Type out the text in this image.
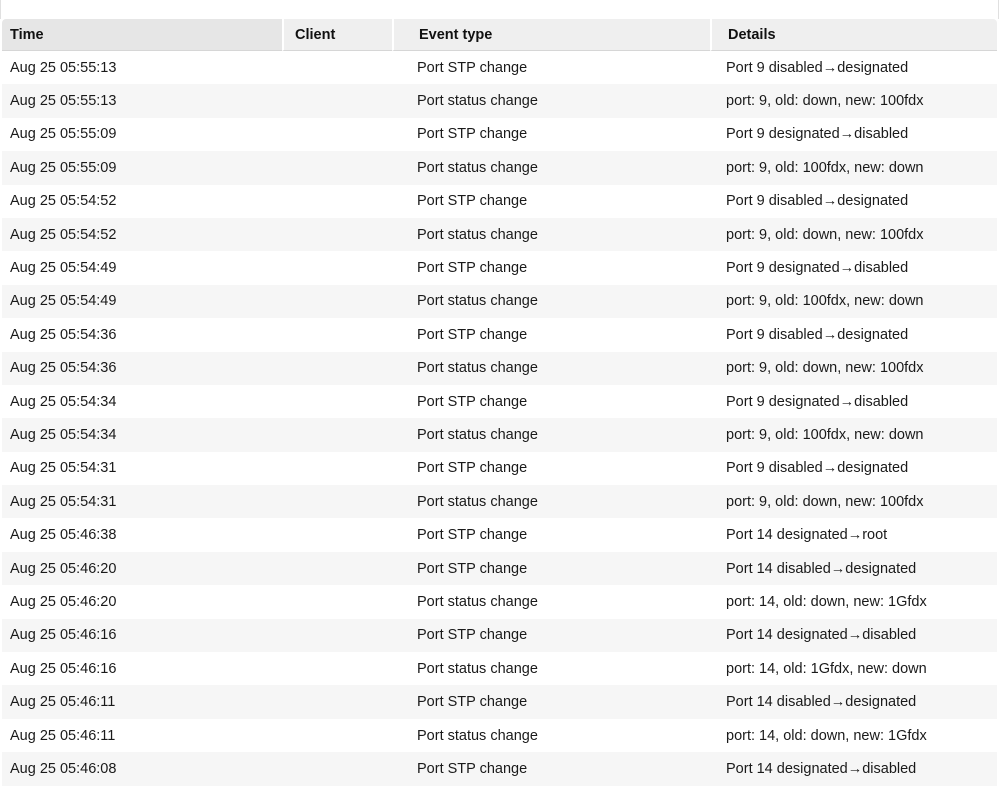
Time	Client	Event type	Details
Aug 25 05:55:13		Port STP change	Port 9 disabled→designated
Aug 25 05:55:13		Port status change	port: 9, old: down, new: 100fdx
Aug 25 05:55:09		Port STP change	Port 9 designated→disabled
Aug 25 05:55:09		Port status change	port: 9, old: 100fdx, new: down
Aug 25 05:54:52		Port STP change	Port 9 disabled→designated
Aug 25 05:54:52		Port status change	port: 9, old: down, new: 100fdx
Aug 25 05:54:49		Port STP change	Port 9 designated→disabled
Aug 25 05:54:49		Port status change	port: 9, old: 100fdx, new: down
Aug 25 05:54:36		Port STP change	Port 9 disabled→designated
Aug 25 05:54:36		Port status change	port: 9, old: down, new: 100fdx
Aug 25 05:54:34		Port STP change	Port 9 designated→disabled
Aug 25 05:54:34		Port status change	port: 9, old: 100fdx, new: down
Aug 25 05:54:31		Port STP change	Port 9 disabled→designated
Aug 25 05:54:31		Port status change	port: 9, old: down, new: 100fdx
Aug 25 05:46:38		Port STP change	Port 14 designated→root
Aug 25 05:46:20		Port STP change	Port 14 disabled→designated
Aug 25 05:46:20		Port status change	port: 14, old: down, new: 1Gfdx
Aug 25 05:46:16		Port STP change	Port 14 designated→disabled
Aug 25 05:46:16		Port status change	port: 14, old: 1Gfdx, new: down
Aug 25 05:46:11		Port STP change	Port 14 disabled→designated
Aug 25 05:46:11		Port status change	port: 14, old: down, new: 1Gfdx
Aug 25 05:46:08		Port STP change	Port 14 designated→disabled
